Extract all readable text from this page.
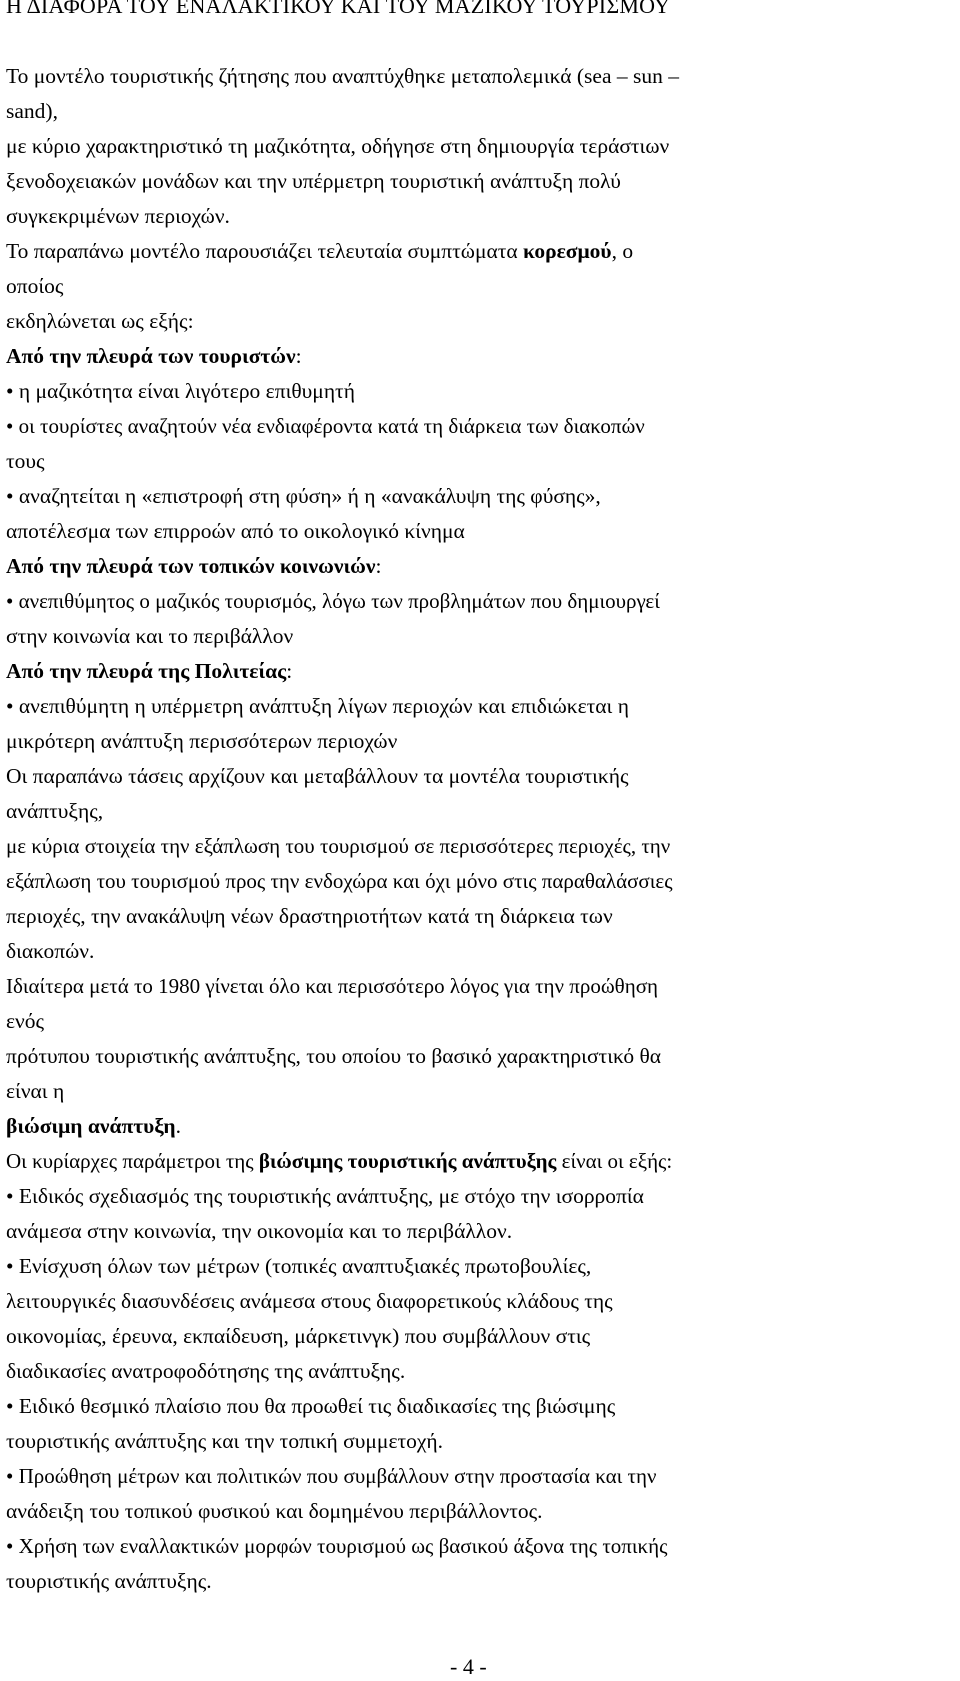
Η ΔΙΑΦΟΡΑ ΤΟΥ ΕΝΑΛΑΚΤΙΚΟΥ ΚΑΙ ΤΟΥ ΜΑΖΙΚΟΥ ΤΟΥΡΙΣΜΟΥ
Το μοντέλο τουριστικής ζήτησης που αναπτύχθηκε μεταπολεμικά (sea – sun –
sand),
με κύριο χαρακτηριστικό τη μαζικότητα, οδήγησε στη δημιουργία τεράστιων
ξενοδοχειακών μονάδων και την υπέρμετρη τουριστική ανάπτυξη πολύ
συγκεκριμένων περιοχών.
Το παραπάνω μοντέλο παρουσιάζει τελευταία συμπτώματα κορεσμού, ο
οποίος
εκδηλώνεται ως εξής:
Από την πλευρά των τουριστών:
• η μαζικότητα είναι λιγότερο επιθυμητή
• οι τουρίστες αναζητούν νέα ενδιαφέροντα κατά τη διάρκεια των διακοπών
τους
• αναζητείται η «επιστροφή στη φύση» ή η «ανακάλυψη της φύσης»,
αποτέλεσμα των επιρροών από το οικολογικό κίνημα
Από την πλευρά των τοπικών κοινωνιών:
• ανεπιθύμητος ο μαζικός τουρισμός, λόγω των προβλημάτων που δημιουργεί
στην κοινωνία και το περιβάλλον
Από την πλευρά της Πολιτείας:
• ανεπιθύμητη η υπέρμετρη ανάπτυξη λίγων περιοχών και επιδιώκεται η
μικρότερη ανάπτυξη περισσότερων περιοχών
Οι παραπάνω τάσεις αρχίζουν και μεταβάλλουν τα μοντέλα τουριστικής
ανάπτυξης,
με κύρια στοιχεία την εξάπλωση του τουρισμού σε περισσότερες περιοχές, την
εξάπλωση του τουρισμού προς την ενδοχώρα και όχι μόνο στις παραθαλάσσιες
περιοχές, την ανακάλυψη νέων δραστηριοτήτων κατά τη διάρκεια των
διακοπών.
Ιδιαίτερα μετά το 1980 γίνεται όλο και περισσότερο λόγος για την προώθηση
ενός
πρότυπου τουριστικής ανάπτυξης, του οποίου το βασικό χαρακτηριστικό θα
είναι η
βιώσιμη ανάπτυξη.
Οι κυρίαρχες παράμετροι της βιώσιμης τουριστικής ανάπτυξης είναι οι εξής:
• Ειδικός σχεδιασμός της τουριστικής ανάπτυξης, με στόχο την ισορροπία
ανάμεσα στην κοινωνία, την οικονομία και το περιβάλλον.
• Ενίσχυση όλων των μέτρων (τοπικές αναπτυξιακές πρωτοβουλίες,
λειτουργικές διασυνδέσεις ανάμεσα στους διαφορετικούς κλάδους της
οικονομίας, έρευνα, εκπαίδευση, μάρκετινγκ) που συμβάλλουν στις
διαδικασίες ανατροφοδότησης της ανάπτυξης.
• Ειδικό θεσμικό πλαίσιο που θα προωθεί τις διαδικασίες της βιώσιμης
τουριστικής ανάπτυξης και την τοπική συμμετοχή.
• Προώθηση μέτρων και πολιτικών που συμβάλλουν στην προστασία και την
ανάδειξη του τοπικού φυσικού και δομημένου περιβάλλοντος.
• Χρήση των εναλλακτικών μορφών τουρισμού ως βασικού άξονα της τοπικής
τουριστικής ανάπτυξης.
- 4 -
